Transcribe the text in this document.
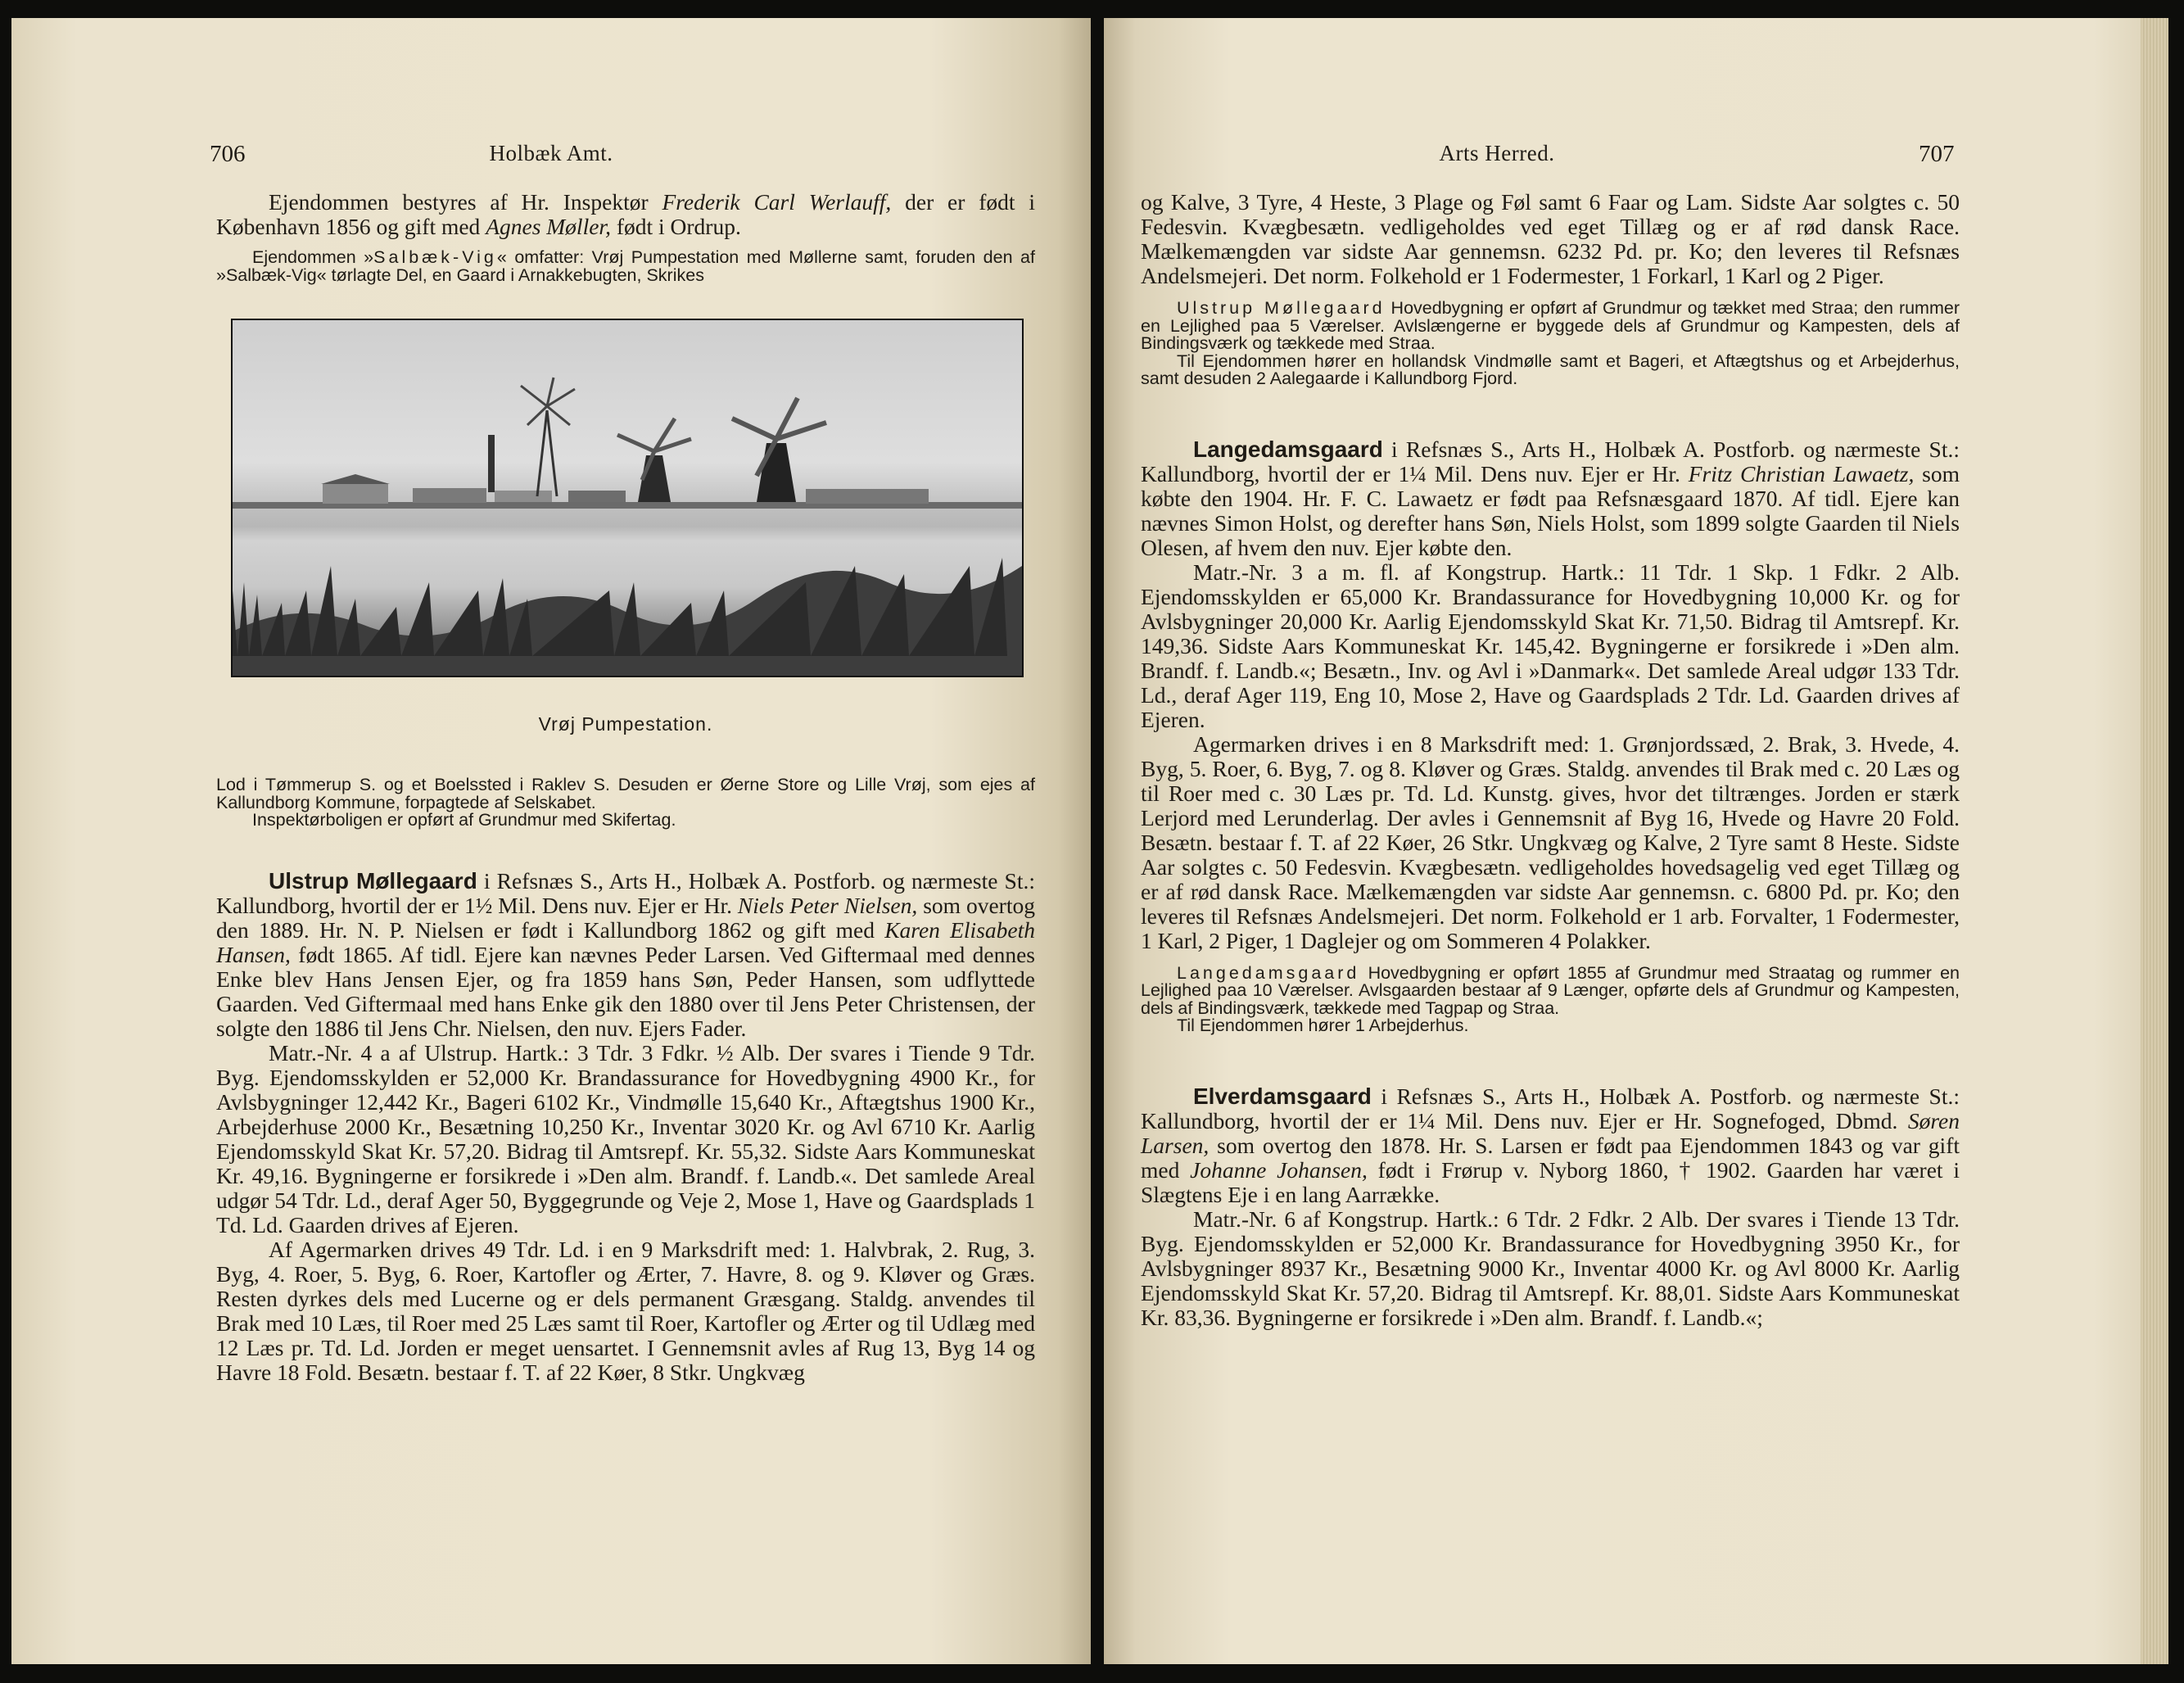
706	Holbæk Amt.

Ejendommen bestyres af Hr. Inspektør Frederik Carl Werlauff, der er født i København 1856 og gift med Agnes Møller, født i Ordrup.

Ejendommen »Salbæk-Vig« omfatter: Vrøj Pumpestation med Møllerne samt, foruden den af »Salbæk-Vig« tørlagte Del, en Gaard i Arnakkebugten, Skrikes

Vrøj Pumpestation.

Lod i Tømmerup S. og et Boelssted i Raklev S. Desuden er Øerne Store og Lille Vrøj, som ejes af Kallundborg Kommune, forpagtede af Selskabet.

Inspektørboligen er opført af Grundmur med Skifertag.

Ulstrup Møllegaard i Refsnæs S., Arts H., Holbæk A. Postforb. og nærmeste St.: Kallundborg, hvortil der er 1½ Mil. Dens nuv. Ejer er Hr. Niels Peter Nielsen, som overtog den 1889. Hr. N. P. Nielsen er født i Kallundborg 1862 og gift med Karen Elisabeth Hansen, født 1865. Af tidl. Ejere kan nævnes Peder Larsen. Ved Giftermaal med dennes Enke blev Hans Jensen Ejer, og fra 1859 hans Søn, Peder Hansen, som udflyttede Gaarden. Ved Giftermaal med hans Enke gik den 1880 over til Jens Peter Christensen, der solgte den 1886 til Jens Chr. Nielsen, den nuv. Ejers Fader.

Matr.-Nr. 4 a af Ulstrup. Hartk.: 3 Tdr. 3 Fdkr. ½ Alb. Der svares i Tiende 9 Tdr. Byg. Ejendomsskylden er 52,000 Kr. Brandassurance for Hovedbygning 4900 Kr., for Avlsbygninger 12,442 Kr., Bageri 6102 Kr., Vindmølle 15,640 Kr., Aftægtshus 1900 Kr., Arbejderhuse 2000 Kr., Besætning 10,250 Kr., Inventar 3020 Kr. og Avl 6710 Kr. Aarlig Ejendomsskyld Skat Kr. 57,20. Bidrag til Amtsrepf. Kr. 55,32. Sidste Aars Kommuneskat Kr. 49,16. Bygningerne er forsikrede i »Den alm. Brandf. f. Landb.«. Det samlede Areal udgør 54 Tdr. Ld., deraf Ager 50, Byggegrunde og Veje 2, Mose 1, Have og Gaardsplads 1 Td. Ld. Gaarden drives af Ejeren.

Af Agermarken drives 49 Tdr. Ld. i en 9 Marksdrift med: 1. Halvbrak, 2. Rug, 3. Byg, 4. Roer, 5. Byg, 6. Roer, Kartofler og Ærter, 7. Havre, 8. og 9. Kløver og Græs. Resten dyrkes dels med Lucerne og er dels permanent Græsgang. Staldg. anvendes til Brak med 10 Læs, til Roer med 25 Læs samt til Roer, Kartofler og Ærter og til Udlæg med 12 Læs pr. Td. Ld. Jorden er meget uensartet. I Gennemsnit avles af Rug 13, Byg 14 og Havre 18 Fold. Besætn. bestaar f. T. af 22 Køer, 8 Stkr. Ungkvæg

Arts Herred.	707

og Kalve, 3 Tyre, 4 Heste, 3 Plage og Føl samt 6 Faar og Lam. Sidste Aar solgtes c. 50 Fedesvin. Kvægbesætn. vedligeholdes ved eget Tillæg og er af rød dansk Race. Mælkemængden var sidste Aar gennemsn. 6232 Pd. pr. Ko; den leveres til Refsnæs Andelsmejeri. Det norm. Folkehold er 1 Fodermester, 1 Forkarl, 1 Karl og 2 Piger.

Ulstrup Møllegaard Hovedbygning er opført af Grundmur og tækket med Straa; den rummer en Lejlighed paa 5 Værelser. Avlslængerne er byggede dels af Grundmur og Kampesten, dels af Bindingsværk og tækkede med Straa.

Til Ejendommen hører en hollandsk Vindmølle samt et Bageri, et Aftægtshus og et Arbejderhus, samt desuden 2 Aalegaarde i Kallundborg Fjord.

Langedamsgaard i Refsnæs S., Arts H., Holbæk A. Postforb. og nærmeste St.: Kallundborg, hvortil der er 1¼ Mil. Dens nuv. Ejer er Hr. Fritz Christian Lawaetz, som købte den 1904. Hr. F. C. Lawaetz er født paa Refsnæsgaard 1870. Af tidl. Ejere kan nævnes Simon Holst, og derefter hans Søn, Niels Holst, som 1899 solgte Gaarden til Niels Olesen, af hvem den nuv. Ejer købte den.

Matr.-Nr. 3 a m. fl. af Kongstrup. Hartk.: 11 Tdr. 1 Skp. 1 Fdkr. 2 Alb. Ejendomsskylden er 65,000 Kr. Brandassurance for Hovedbygning 10,000 Kr. og for Avlsbygninger 20,000 Kr. Aarlig Ejendomsskyld Skat Kr. 71,50. Bidrag til Amtsrepf. Kr. 149,36. Sidste Aars Kommuneskat Kr. 145,42. Bygningerne er forsikrede i »Den alm. Brandf. f. Landb.«; Besætn., Inv. og Avl i »Danmark«. Det samlede Areal udgør 133 Tdr. Ld., deraf Ager 119, Eng 10, Mose 2, Have og Gaardsplads 2 Tdr. Ld. Gaarden drives af Ejeren.

Agermarken drives i en 8 Marksdrift med: 1. Grønjordssæd, 2. Brak, 3. Hvede, 4. Byg, 5. Roer, 6. Byg, 7. og 8. Kløver og Græs. Staldg. anvendes til Brak med c. 20 Læs og til Roer med c. 30 Læs pr. Td. Ld. Kunstg. gives, hvor det tiltrænges. Jorden er stærk Lerjord med Lerunderlag. Der avles i Gennemsnit af Byg 16, Hvede og Havre 20 Fold. Besætn. bestaar f. T. af 22 Køer, 26 Stkr. Ungkvæg og Kalve, 2 Tyre samt 8 Heste. Sidste Aar solgtes c. 50 Fedesvin. Kvægbesætn. vedligeholdes hovedsagelig ved eget Tillæg og er af rød dansk Race. Mælkemængden var sidste Aar gennemsn. c. 6800 Pd. pr. Ko; den leveres til Refsnæs Andelsmejeri. Det norm. Folkehold er 1 arb. Forvalter, 1 Fodermester, 1 Karl, 2 Piger, 1 Daglejer og om Sommeren 4 Polakker.

Langedamsgaard Hovedbygning er opført 1855 af Grundmur med Straatag og rummer en Lejlighed paa 10 Værelser. Avlsgaarden bestaar af 9 Længer, opførte dels af Grundmur og Kampesten, dels af Bindingsværk, tækkede med Tagpap og Straa.

Til Ejendommen hører 1 Arbejderhus.

Elverdamsgaard i Refsnæs S., Arts H., Holbæk A. Postforb. og nærmeste St.: Kallundborg, hvortil der er 1¼ Mil. Dens nuv. Ejer er Hr. Sognefoged, Dbmd. Søren Larsen, som overtog den 1878. Hr. S. Larsen er født paa Ejendommen 1843 og var gift med Johanne Johansen, født i Frørup v. Nyborg 1860, † 1902. Gaarden har været i Slægtens Eje i en lang Aarrække.

Matr.-Nr. 6 af Kongstrup. Hartk.: 6 Tdr. 2 Fdkr. 2 Alb. Der svares i Tiende 13 Tdr. Byg. Ejendomsskylden er 52,000 Kr. Brandassurance for Hovedbygning 3950 Kr., for Avlsbygninger 8937 Kr., Besætning 9000 Kr., Inventar 4000 Kr. og Avl 8000 Kr. Aarlig Ejendomsskyld Skat Kr. 57,20. Bidrag til Amtsrepf. Kr. 88,01. Sidste Aars Kommuneskat Kr. 83,36. Bygningerne er forsikrede i »Den alm. Brandf. f. Landb.«;
